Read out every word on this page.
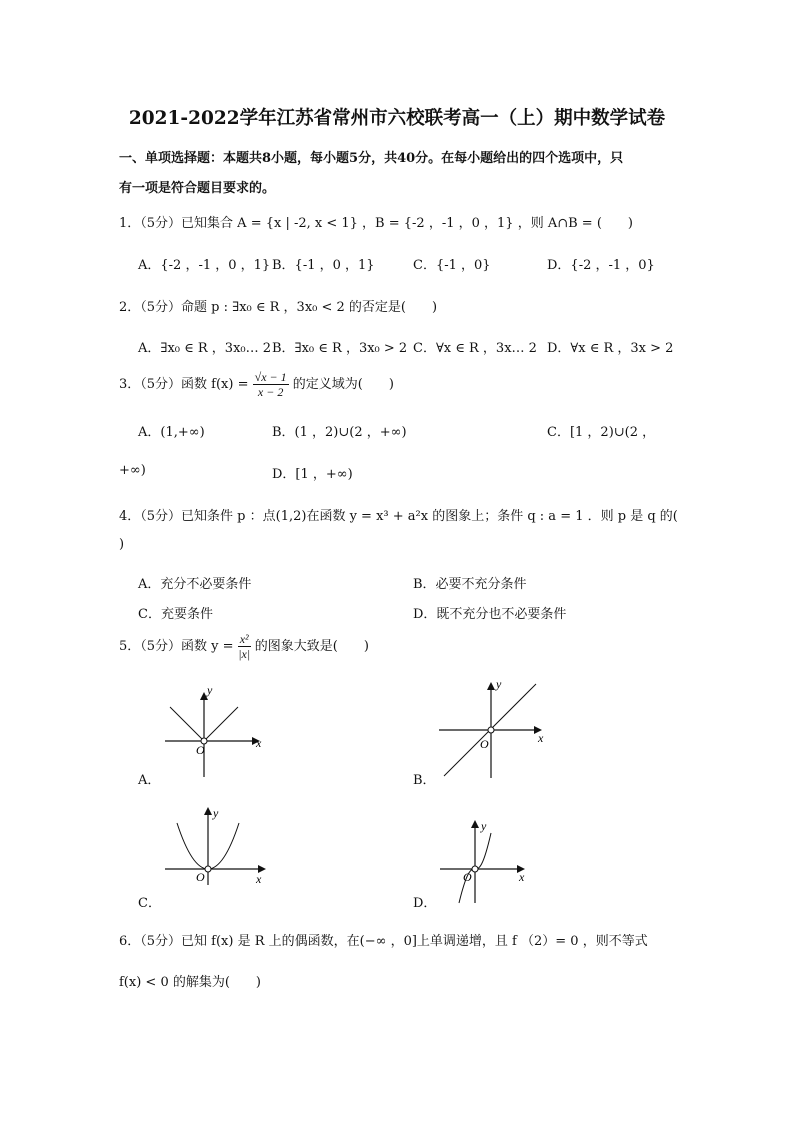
2021-2022学年江苏省常州市六校联考高一（上）期中数学试卷
一、单项选择题：本题共8小题，每小题5分，共40分。在每小题给出的四个选项中，只
有一项是符合题目要求的。
1．（5分）已知集合 A = {x | -2, x < 1} ，B = {-2 ，-1 ，0 ，1} ，则 A∩B = (　　)
A．{-2 ，-1 ，0 ，1} B．{-1 ，0 ，1}	C．{-1 ，0}	D．{-2 ，-1 ，0}
2．（5分）命题 p : ∃x₀ ∈ R ，3x₀ < 2 的否定是(　　)
A．∃x₀ ∈ R ，3x₀… 2 B．∃x₀ ∈ R ，3x₀ > 2 C．∀x ∈ R ，3x… 2 D．∀x ∈ R ，3x > 2
3．（5分）函数 $f(x) = \frac{√x - 1}{x - 2}$ 的定义域为(　　)
A．(1,+∞)	B．(1 ，2)∪(2 ，+∞)	C．[1 ，2)∪(2 ，
+∞)	D．[1 ，+∞)
4．（5分）已知条件 p ：点(1,2)在函数 y = x³ + a²x 的图象上；条件 q : a = 1 ．则 p 是 q 的(
)
A．充分不必要条件	B．必要不充分条件
C．充要条件	D．既不充分也不必要条件
5．（5分）函数 $y = \frac{\text{x²}}{|x|}$ 的图象大致是(　　)
y
x
O
A．
y
x
O
B．
y
x
O
C．
y
x
O
D．
6．（5分）已知 f(x) 是 R 上的偶函数，在(−∞ ，0]上单调递增，且 f （2）= 0 ，则不等式
f(x) < 0 的解集为(　　)
